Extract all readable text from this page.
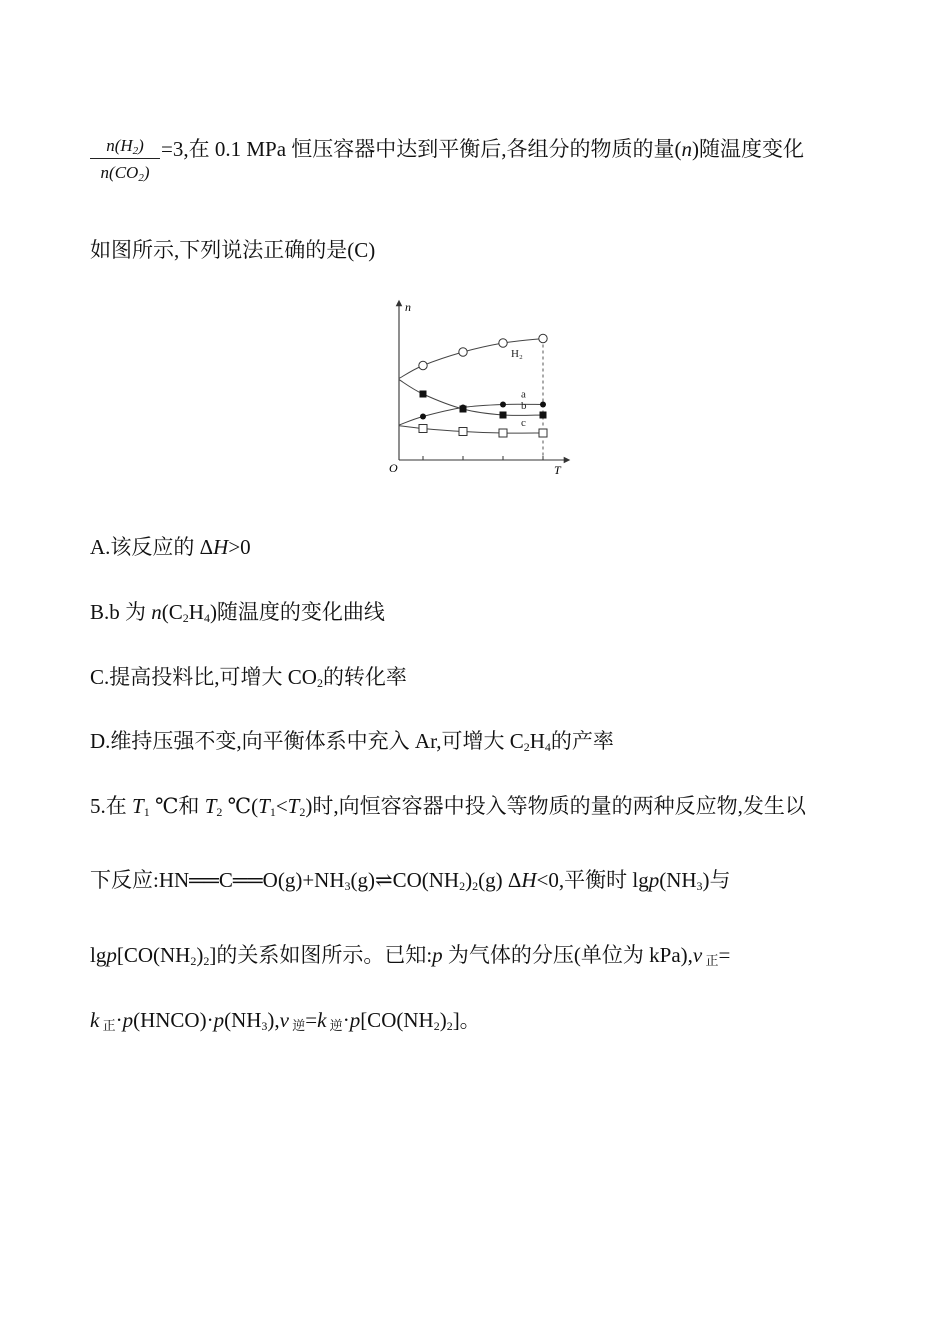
$\frac{n(H_2)}{n(CO_2)} =3$,在 0.1 MPa 恒压容器中达到平衡后,各组分的物质的量(n)随温度变化
如图所示,下列说法正确的是(C)
n
T
O
H₂
a
b
c
A.该反应的 ΔH>0
B.b 为 $n(C_2H_4)$随温度的变化曲线
C.提高投料比,可增大 $CO_2$的转化率
D.维持压强不变,向平衡体系中充入 Ar,可增大 $C_2H_4$的产率
5.在 $T_1$ ℃和 $T_2$ $℃(T_1<T_2)$时,向恒容容器中投入等物质的量的两种反应物,发生以
下反应$:HN══C══O(g)+NH_3(g)\rightleftharpoons CO(NH_2)_2(g)$ ΔH<0,平衡时 $\lg p(NH_3)$与
$\lg p[CO(NH_2)_2]$的关系如图所示。已知:p 为气体的分压(单位为 kPa),v $_正$=
k $_正\cdot p(HNCO)\cdot p(NH_3),v$ $_逆$=k $_逆\cdot p[CO(NH_2)_2]$。
